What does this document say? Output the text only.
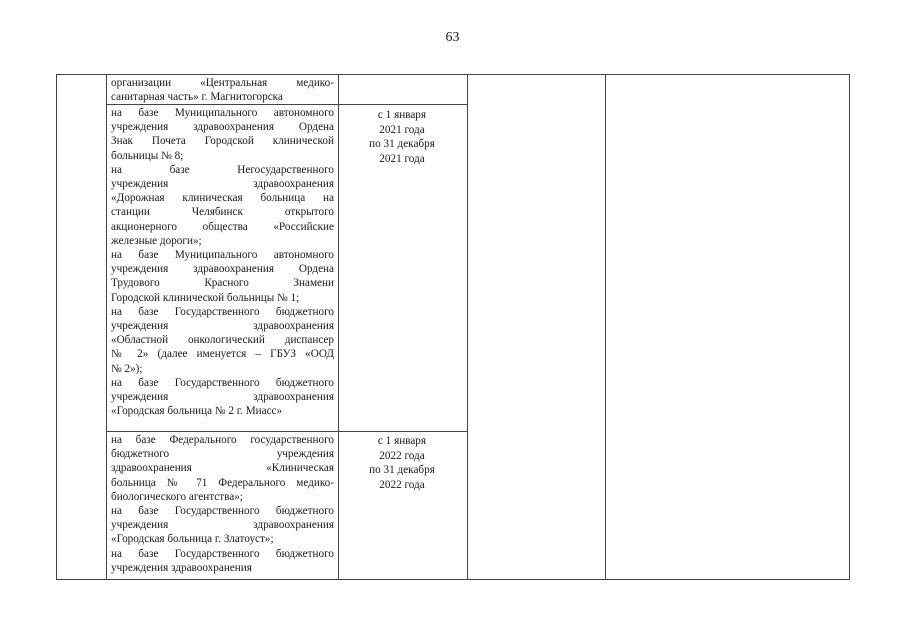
63
организации «Центральная медико-
санитарная часть» г. Магнитогорска
на базе Муниципального автономного
учреждения здравоохранения Ордена
Знак Почета Городской клинической
больницы № 8;
на базе Негосударственного
учреждения здравоохранения
«Дорожная клиническая больница на
станции Челябинск открытого
акционерного общества «Российские
железные дороги»;
на базе Муниципального автономного
учреждения здравоохранения Ордена
Трудового Красного Знамени
Городской клинической больницы № 1;
на базе Государственного бюджетного
учреждения здравоохранения
«Областной онкологический диспансер
№ 2» (далее именуется – ГБУЗ «ООД
№ 2»);
на базе Государственного бюджетного
учреждения здравоохранения
«Городская больница № 2 г. Миасс»
с 1 января
2021 года
по 31 декабря
2021 года
на базе Федерального государственного
бюджетного учреждения
здравоохранения «Клиническая
больница № 71 Федерального медико-
биологического агентства»;
на базе Государственного бюджетного
учреждения здравоохранения
«Городская больница г. Златоуст»;
на базе Государственного бюджетного
учреждения здравоохранения
с 1 января
2022 года
по 31 декабря
2022 года
